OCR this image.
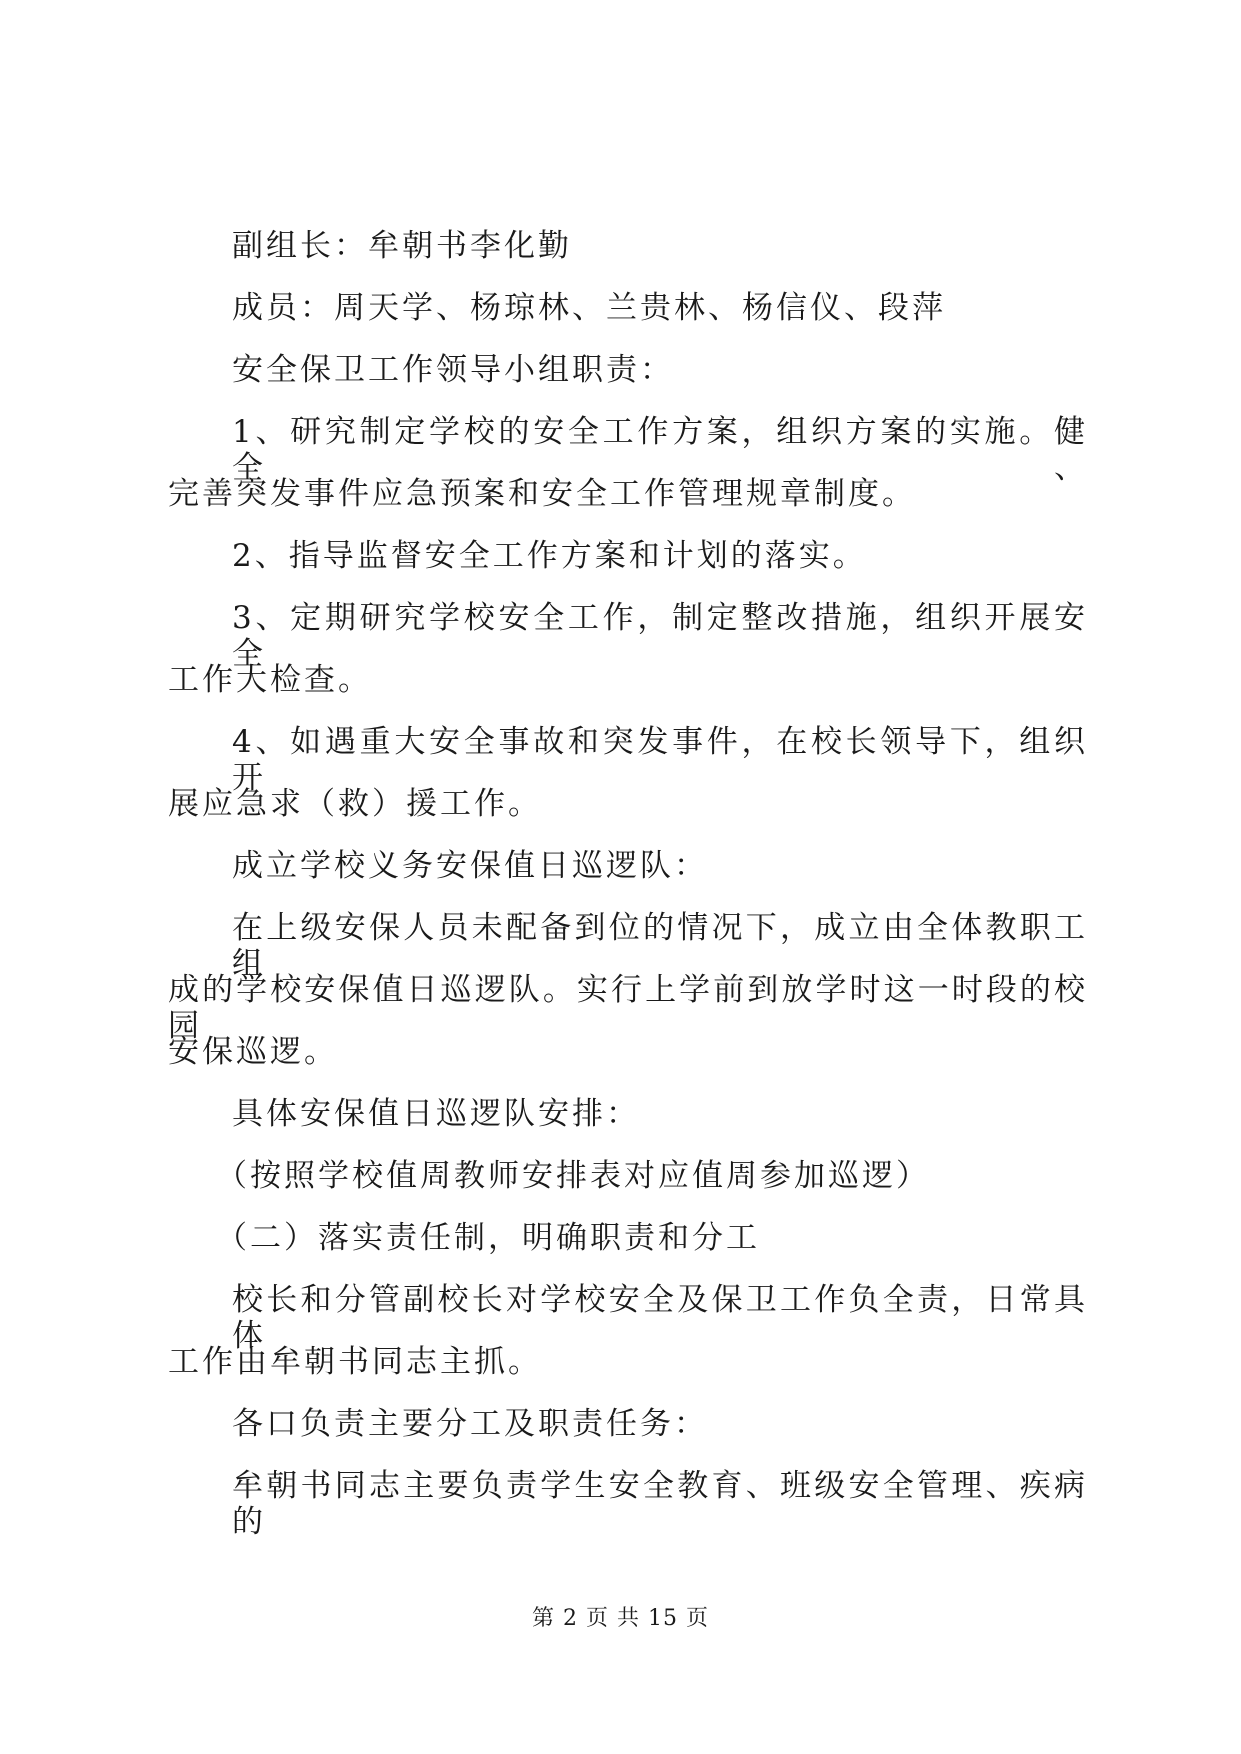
副组长：牟朝书李化勤
成员：周天学、杨琼林、兰贵林、杨信仪、段萍
安全保卫工作领导小组职责：
1、研究制定学校的安全工作方案，组织方案的实施。健全、
完善突发事件应急预案和安全工作管理规章制度。
2、指导监督安全工作方案和计划的落实。
3、定期研究学校安全工作，制定整改措施，组织开展安全
工作大检查。
4、如遇重大安全事故和突发事件，在校长领导下，组织开
展应急求（救）援工作。
成立学校义务安保值日巡逻队：
在上级安保人员未配备到位的情况下，成立由全体教职工组
成的学校安保值日巡逻队。实行上学前到放学时这一时段的校园
安保巡逻。
具体安保值日巡逻队安排：
（按照学校值周教师安排表对应值周参加巡逻）
（二）落实责任制，明确职责和分工
校长和分管副校长对学校安全及保卫工作负全责，日常具体
工作由牟朝书同志主抓。
各口负责主要分工及职责任务：
牟朝书同志主要负责学生安全教育、班级安全管理、疾病的
第 2 页 共 15 页
